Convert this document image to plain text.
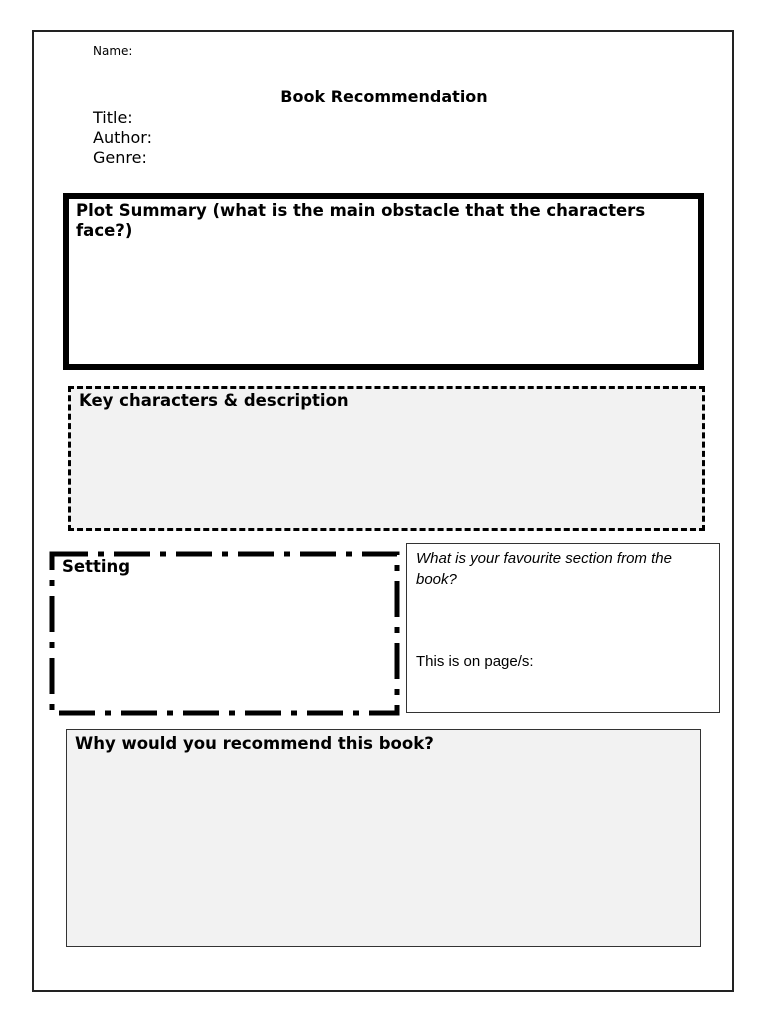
Name:
Book Recommendation
Title:
Author:
Genre:
Plot Summary (what is the main obstacle that the characters face?)
Key characters & description
Setting	What is your favourite section from the book?
This is on page/s:
Why would you recommend this book?
